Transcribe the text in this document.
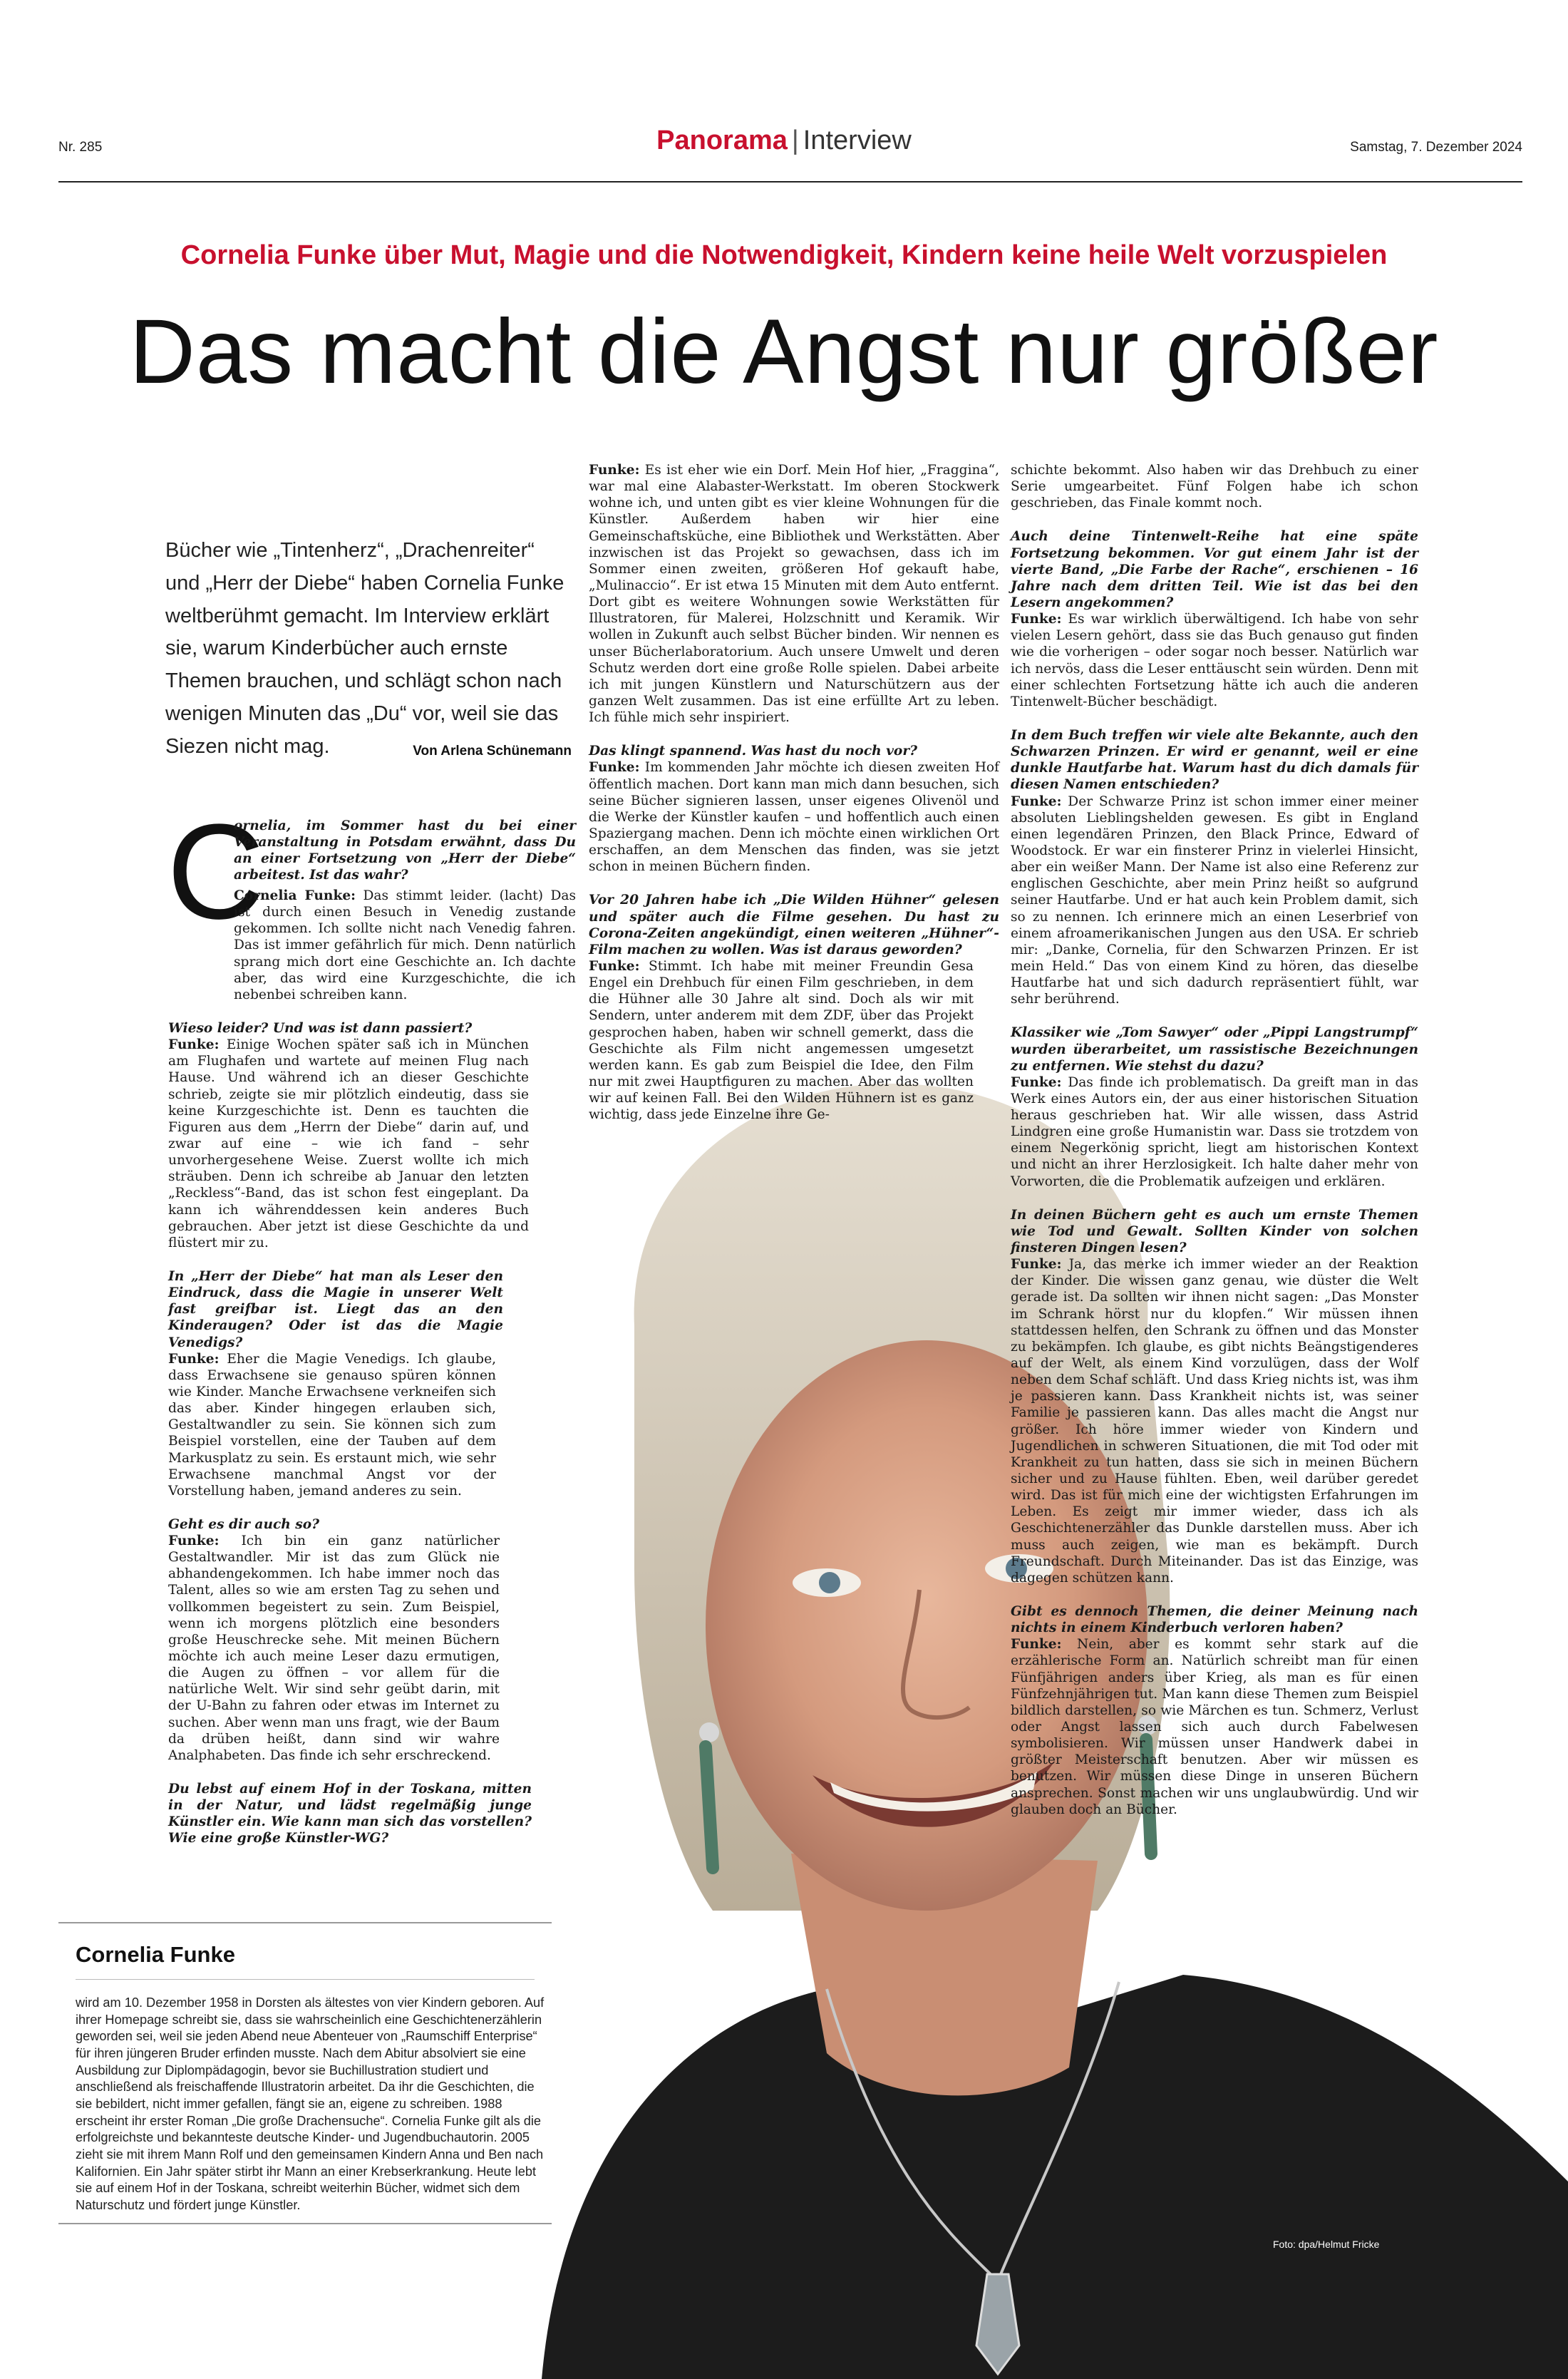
Nr. 285	Panorama | Interview	Samstag, 7. Dezember 2024
Cornelia Funke über Mut, Magie und die Notwendigkeit, Kindern keine heile Welt vorzuspielen
Das macht die Angst nur größer
Bücher wie „Tintenherz“, „Drachenreiter“ und „Herr der Diebe“ haben Cornelia Funke weltberühmt gemacht. Im Interview erklärt sie, warum Kinderbücher auch ernste Themen brauchen, und schlägt schon nach wenigen Minuten das „Du“ vor, weil sie das Siezen nicht mag.	Von Arlena Schünemann
C

ornelia, im Sommer hast du bei einer Veranstaltung in Potsdam erwähnt, dass Du an einer Fortsetzung von „Herr der Diebe“ arbeitest. Ist das wahr?

Cornelia Funke: Das stimmt leider. (lacht) Das ist durch einen Besuch in Venedig zustande gekommen. Ich sollte nicht nach Venedig fahren. Das ist immer gefährlich für mich. Denn natürlich sprang mich dort eine Geschichte an. Ich dachte aber, das wird eine Kurzgeschichte, die ich nebenbei schreiben kann.

Wieso leider? Und was ist dann passiert?

Funke: Einige Wochen später saß ich in München am Flughafen und wartete auf meinen Flug nach Hause. Und während ich an dieser Geschichte schrieb, zeigte sie mir plötzlich eindeutig, dass sie keine Kurzgeschichte ist. Denn es tauchten die Figuren aus dem „Herrn der Diebe“ darin auf, und zwar auf eine – wie ich fand – sehr unvorhergesehene Weise. Zuerst wollte ich mich sträuben. Denn ich schreibe ab Januar den letzten „Reckless“-Band, das ist schon fest eingeplant. Da kann ich währenddessen kein anderes Buch gebrauchen. Aber jetzt ist diese Geschichte da und flüstert mir zu.

In „Herr der Diebe“ hat man als Leser den Eindruck, dass die Magie in unserer Welt fast greifbar ist. Liegt das an den Kinderaugen? Oder ist das die Magie Venedigs?

Funke: Eher die Magie Venedigs. Ich glaube, dass Erwachsene sie genauso spüren können wie Kinder. Manche Erwachsene verkneifen sich das aber. Kinder hingegen erlauben sich, Gestaltwandler zu sein. Sie können sich zum Beispiel vorstellen, eine der Tauben auf dem Markusplatz zu sein. Es erstaunt mich, wie sehr Erwachsene manchmal Angst vor der Vorstellung haben, jemand anderes zu sein.

Geht es dir auch so?

Funke: Ich bin ein ganz natürlicher Gestaltwandler. Mir ist das zum Glück nie abhandengekommen. Ich habe immer noch das Talent, alles so wie am ersten Tag zu sehen und vollkommen begeistert zu sein. Zum Beispiel, wenn ich morgens plötzlich eine besonders große Heuschrecke sehe. Mit meinen Büchern möchte ich auch meine Leser dazu ermutigen, die Augen zu öffnen – vor allem für die natürliche Welt. Wir sind sehr geübt darin, mit der U-Bahn zu fahren oder etwas im Internet zu suchen. Aber wenn man uns fragt, wie der Baum da drüben heißt, dann sind wir wahre Analphabeten. Das finde ich sehr erschreckend.

Du lebst auf einem Hof in der Toskana, mitten in der Natur, und lädst regelmäßig junge Künstler ein. Wie kann man sich das vorstellen? Wie eine große Künstler-WG?

Funke: Es ist eher wie ein Dorf. Mein Hof hier, „Fraggina“, war mal eine Alabaster-Werkstatt. Im oberen Stockwerk wohne ich, und unten gibt es vier kleine Wohnungen für die Künstler. Außerdem haben wir hier eine Gemeinschaftsküche, eine Bibliothek und Werkstätten. Aber inzwischen ist das Projekt so gewachsen, dass ich im Sommer einen zweiten, größeren Hof gekauft habe, „Mulinaccio“. Er ist etwa 15 Minuten mit dem Auto entfernt. Dort gibt es weitere Wohnungen sowie Werkstätten für Illustratoren, für Malerei, Holzschnitt und Keramik. Wir wollen in Zukunft auch selbst Bücher binden. Wir nennen es unser Bücherlaboratorium. Auch unsere Umwelt und deren Schutz werden dort eine große Rolle spielen. Dabei arbeite ich mit jungen Künstlern und Naturschützern aus der ganzen Welt zusammen. Das ist eine erfüllte Art zu leben. Ich fühle mich sehr inspiriert.

Das klingt spannend. Was hast du noch vor?

Funke: Im kommenden Jahr möchte ich diesen zweiten Hof öffentlich machen. Dort kann man mich dann besuchen, sich seine Bücher signieren lassen, unser eigenes Olivenöl und die Werke der Künstler kaufen – und hoffentlich auch einen Spaziergang machen. Denn ich möchte einen wirklichen Ort erschaffen, an dem Menschen das finden, was sie jetzt schon in meinen Büchern finden.

Vor 20 Jahren habe ich „Die Wilden Hühner“ gelesen und später auch die Filme gesehen. Du hast zu Corona-Zeiten angekündigt, einen weiteren „Hühner“-Film machen zu wollen. Was ist daraus geworden?

Funke: Stimmt. Ich habe mit meiner Freundin Gesa Engel ein Drehbuch für einen Film geschrieben, in dem die Hühner alle 30 Jahre alt sind. Doch als wir mit Sendern, unter anderem mit dem ZDF, über das Projekt gesprochen haben, haben wir schnell gemerkt, dass die Geschichte als Film nicht angemessen umgesetzt werden kann. Es gab zum Beispiel die Idee, den Film nur mit zwei Hauptfiguren zu machen. Aber das wollten wir auf keinen Fall. Bei den Wilden Hühnern ist es ganz wichtig, dass jede Einzelne ihre Ge-

schichte bekommt. Also haben wir das Drehbuch zu einer Serie umgearbeitet. Fünf Folgen habe ich schon geschrieben, das Finale kommt noch.

Auch deine Tintenwelt-Reihe hat eine späte Fortsetzung bekommen. Vor gut einem Jahr ist der vierte Band, „Die Farbe der Rache“, erschienen – 16 Jahre nach dem dritten Teil. Wie ist das bei den Lesern angekommen?

Funke: Es war wirklich überwältigend. Ich habe von sehr vielen Lesern gehört, dass sie das Buch genauso gut finden wie die vorherigen – oder sogar noch besser. Natürlich war ich nervös, dass die Leser enttäuscht sein würden. Denn mit einer schlechten Fortsetzung hätte ich auch die anderen Tintenwelt-Bücher beschädigt.

In dem Buch treffen wir viele alte Bekannte, auch den Schwarzen Prinzen. Er wird er genannt, weil er eine dunkle Hautfarbe hat. Warum hast du dich damals für diesen Namen entschieden?

Funke: Der Schwarze Prinz ist schon immer einer meiner absoluten Lieblingshelden gewesen. Es gibt in England einen legendären Prinzen, den Black Prince, Edward of Woodstock. Er war ein finsterer Prinz in vielerlei Hinsicht, aber ein weißer Mann. Der Name ist also eine Referenz zur englischen Geschichte, aber mein Prinz heißt so aufgrund seiner Hautfarbe. Und er hat auch kein Problem damit, sich so zu nennen. Ich erinnere mich an einen Leserbrief von einem afroamerikanischen Jungen aus den USA. Er schrieb mir: „Danke, Cornelia, für den Schwarzen Prinzen. Er ist mein Held.“ Das von einem Kind zu hören, das dieselbe Hautfarbe hat und sich dadurch repräsentiert fühlt, war sehr berührend.

Klassiker wie „Tom Sawyer“ oder „Pippi Langstrumpf“ wurden überarbeitet, um rassistische Bezeichnungen zu entfernen. Wie stehst du dazu?

Funke: Das finde ich problematisch. Da greift man in das Werk eines Autors ein, der aus einer historischen Situation heraus geschrieben hat. Wir alle wissen, dass Astrid Lindgren eine große Humanistin war. Dass sie trotzdem von einem Negerkönig spricht, liegt am historischen Kontext und nicht an ihrer Herzlosigkeit. Ich halte daher mehr von Vorworten, die die Problematik aufzeigen und erklären.

In deinen Büchern geht es auch um ernste Themen wie Tod und Gewalt. Sollten Kinder von solchen finsteren Dingen lesen?

Funke: Ja, das merke ich immer wieder an der Reaktion der Kinder. Die wissen ganz genau, wie düster die Welt gerade ist. Da sollten wir ihnen nicht sagen: „Das Monster im Schrank hörst nur du klopfen.“ Wir müssen ihnen stattdessen helfen, den Schrank zu öffnen und das Monster zu bekämpfen. Ich glaube, es gibt nichts Beängstigenderes auf der Welt, als einem Kind vorzulügen, dass der Wolf neben dem Schaf schläft. Und dass Krieg nichts ist, was ihm je passieren kann. Dass Krankheit nichts ist, was seiner Familie je passieren kann. Das alles macht die Angst nur größer. Ich höre immer wieder von Kindern und Jugendlichen in schweren Situationen, die mit Tod oder mit Krankheit zu tun hatten, dass sie sich in meinen Büchern sicher und zu Hause fühlten. Eben, weil darüber geredet wird. Das ist für mich eine der wichtigsten Erfahrungen im Leben. Es zeigt mir immer wieder, dass ich als Geschichtenerzähler das Dunkle darstellen muss. Aber ich muss auch zeigen, wie man es bekämpft. Durch Freundschaft. Durch Miteinander. Das ist das Einzige, was dagegen schützen kann.

Gibt es dennoch Themen, die deiner Meinung nach nichts in einem Kinderbuch verloren haben?

Funke: Nein, aber es kommt sehr stark auf die erzählerische Form an. Natürlich schreibt man für einen Fünfjährigen anders über Krieg, als man es für einen Fünfzehnjährigen tut. Man kann diese Themen zum Beispiel bildlich darstellen, so wie Märchen es tun. Schmerz, Verlust oder Angst lassen sich auch durch Fabelwesen symbolisieren. Wir müssen unser Handwerk dabei in größter Meisterschaft benutzen. Aber wir müssen es benutzen. Wir müssen diese Dinge in unseren Büchern ansprechen. Sonst machen wir uns unglaubwürdig. Und wir glauben doch an Bücher.

Cornelia Funke
wird am 10. Dezember 1958 in Dorsten als ältestes von vier Kindern geboren. Auf ihrer Homepage schreibt sie, dass sie wahrscheinlich eine Geschichtenerzählerin geworden sei, weil sie jeden Abend neue Abenteuer von „Raumschiff Enterprise“ für ihren jüngeren Bruder erfinden musste. Nach dem Abitur absolviert sie eine Ausbildung zur Diplompädagogin, bevor sie Buchillustration studiert und anschließend als freischaffende Illustratorin arbeitet. Da ihr die Geschichten, die sie bebildert, nicht immer gefallen, fängt sie an, eigene zu schreiben. 1988 erscheint ihr erster Roman „Die große Drachensuche“. Cornelia Funke gilt als die erfolgreichste und bekannteste deutsche Kinder- und Jugendbuchautorin. 2005 zieht sie mit ihrem Mann Rolf und den gemeinsamen Kindern Anna und Ben nach Kalifornien. Ein Jahr später stirbt ihr Mann an einer Krebserkrankung. Heute lebt sie auf einem Hof in der Toskana, schreibt weiterhin Bücher, widmet sich dem Naturschutz und fördert junge Künstler.
Foto: dpa/Helmut Fricke
